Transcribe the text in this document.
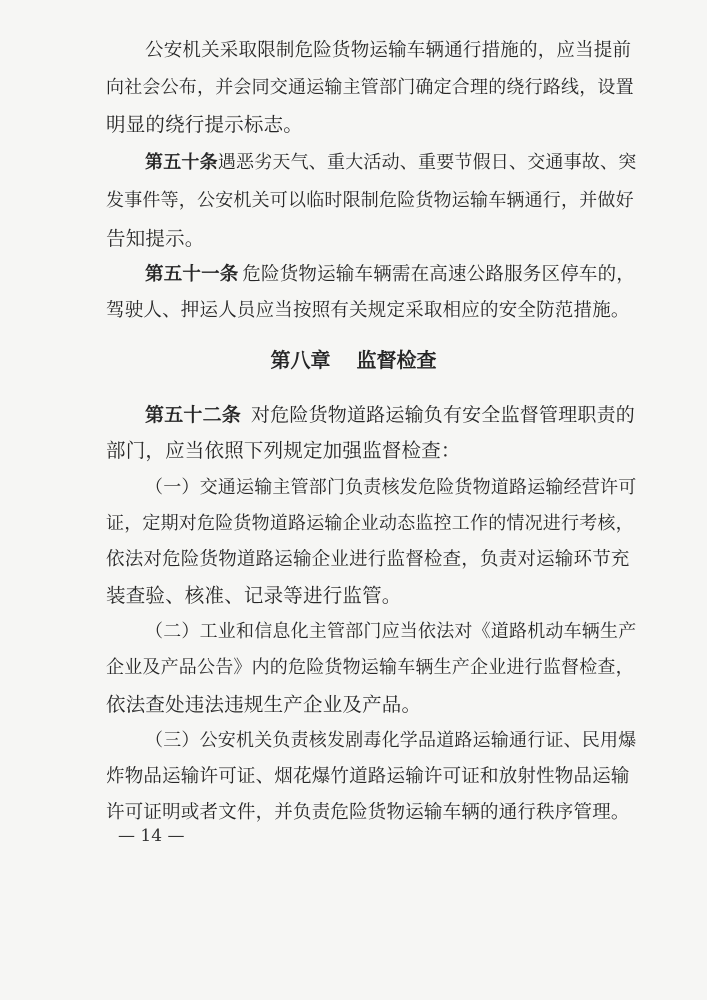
公安机关采取限制危险货物运输车辆通行措施的，应当提前
向社会公布，并会同交通运输主管部门确定合理的绕行路线，设置
明显的绕行提示标志。
第五十条 遇恶劣天气、重大活动、重要节假日、交通事故、突
发事件等，公安机关可以临时限制危险货物运输车辆通行，并做好
告知提示。
第五十一条 危险货物运输车辆需在高速公路服务区停车的，
驾驶人、押运人员应当按照有关规定采取相应的安全防范措施。
第八章 监督检查
第五十二条 对危险货物道路运输负有安全监督管理职责的
部门，应当依照下列规定加强监督检查：
（一）交通运输主管部门负责核发危险货物道路运输经营许可
证，定期对危险货物道路运输企业动态监控工作的情况进行考核，
依法对危险货物道路运输企业进行监督检查，负责对运输环节充
装查验、核准、记录等进行监管。
（二）工业和信息化主管部门应当依法对《道路机动车辆生产
企业及产品公告》内的危险货物运输车辆生产企业进行监督检查，
依法查处违法违规生产企业及产品。
（三）公安机关负责核发剧毒化学品道路运输通行证、民用爆
炸物品运输许可证、烟花爆竹道路运输许可证和放射性物品运输
许可证明或者文件，并负责危险货物运输车辆的通行秩序管理。
— 14 —
